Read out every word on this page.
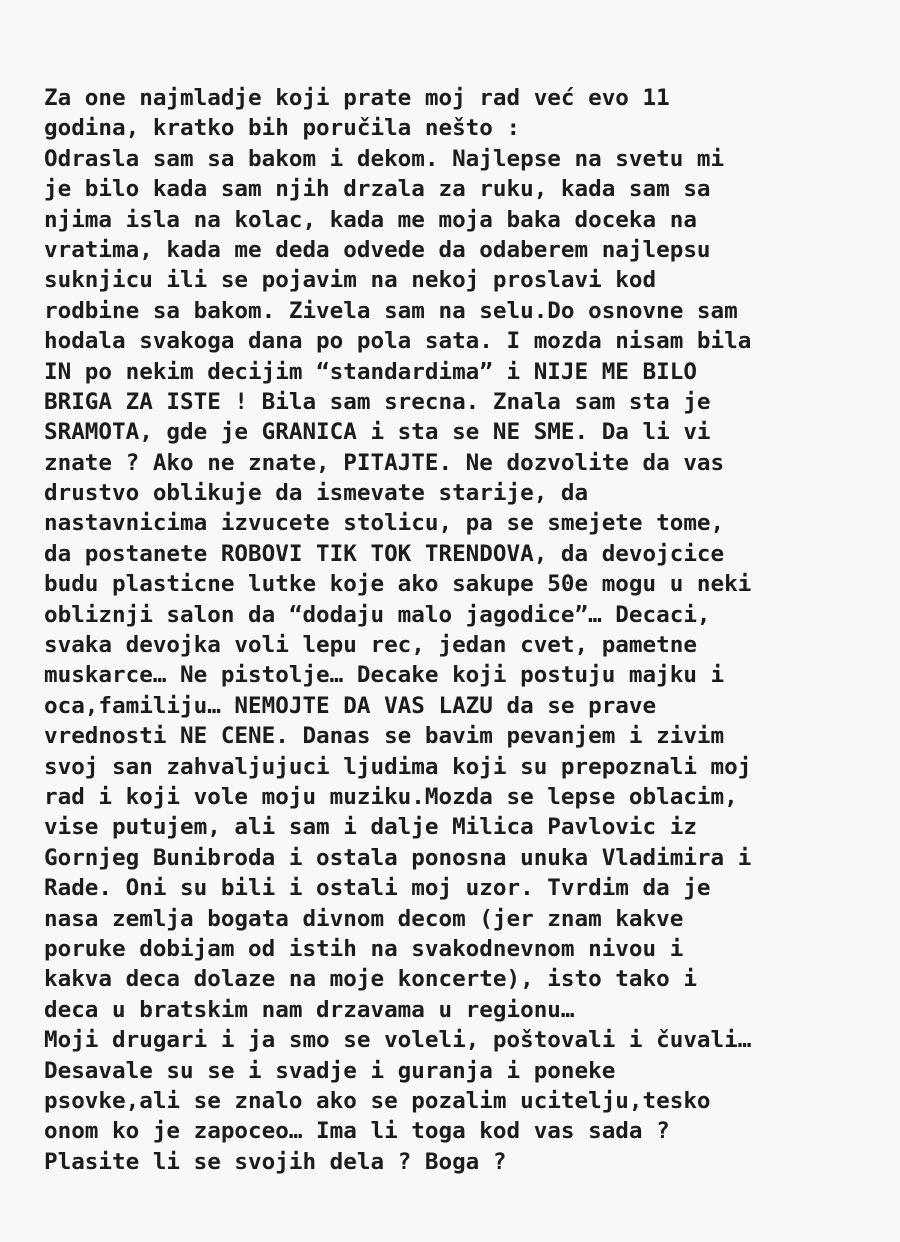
Za one najmladje koji prate moj rad već evo 11
godina, kratko bih poručila nešto :
Odrasla sam sa bakom i dekom. Najlepse na svetu mi
je bilo kada sam njih drzala za ruku, kada sam sa
njima isla na kolac, kada me moja baka doceka na
vratima, kada me deda odvede da odaberem najlepsu
suknjicu ili se pojavim na nekoj proslavi kod
rodbine sa bakom. Zivela sam na selu.Do osnovne sam
hodala svakoga dana po pola sata. I mozda nisam bila
IN po nekim decijim “standardima” i NIJE ME BILO
BRIGA ZA ISTE ! Bila sam srecna. Znala sam sta je
SRAMOTA, gde je GRANICA i sta se NE SME. Da li vi
znate ? Ako ne znate, PITAJTE. Ne dozvolite da vas
drustvo oblikuje da ismevate starije, da
nastavnicima izvucete stolicu, pa se smejete tome,
da postanete ROBOVI TIK TOK TRENDOVA, da devojcice
budu plasticne lutke koje ako sakupe 50e mogu u neki
obliznji salon da “dodaju malo jagodice”… Decaci,
svaka devojka voli lepu rec, jedan cvet, pametne
muskarce… Ne pistolje… Decake koji postuju majku i
oca,familiju… NEMOJTE DA VAS LAZU da se prave
vrednosti NE CENE. Danas se bavim pevanjem i zivim
svoj san zahvaljujuci ljudima koji su prepoznali moj
rad i koji vole moju muziku.Mozda se lepse oblacim,
vise putujem, ali sam i dalje Milica Pavlovic iz
Gornjeg Bunibroda i ostala ponosna unuka Vladimira i
Rade. Oni su bili i ostali moj uzor. Tvrdim da je
nasa zemlja bogata divnom decom (jer znam kakve
poruke dobijam od istih na svakodnevnom nivou i
kakva deca dolaze na moje koncerte), isto tako i
deca u bratskim nam drzavama u regionu…
Moji drugari i ja smo se voleli, poštovali i čuvali…
Desavale su se i svadje i guranja i poneke
psovke,ali se znalo ako se pozalim ucitelju,tesko
onom ko je zapoceo… Ima li toga kod vas sada ?
Plasite li se svojih dela ? Boga ?
